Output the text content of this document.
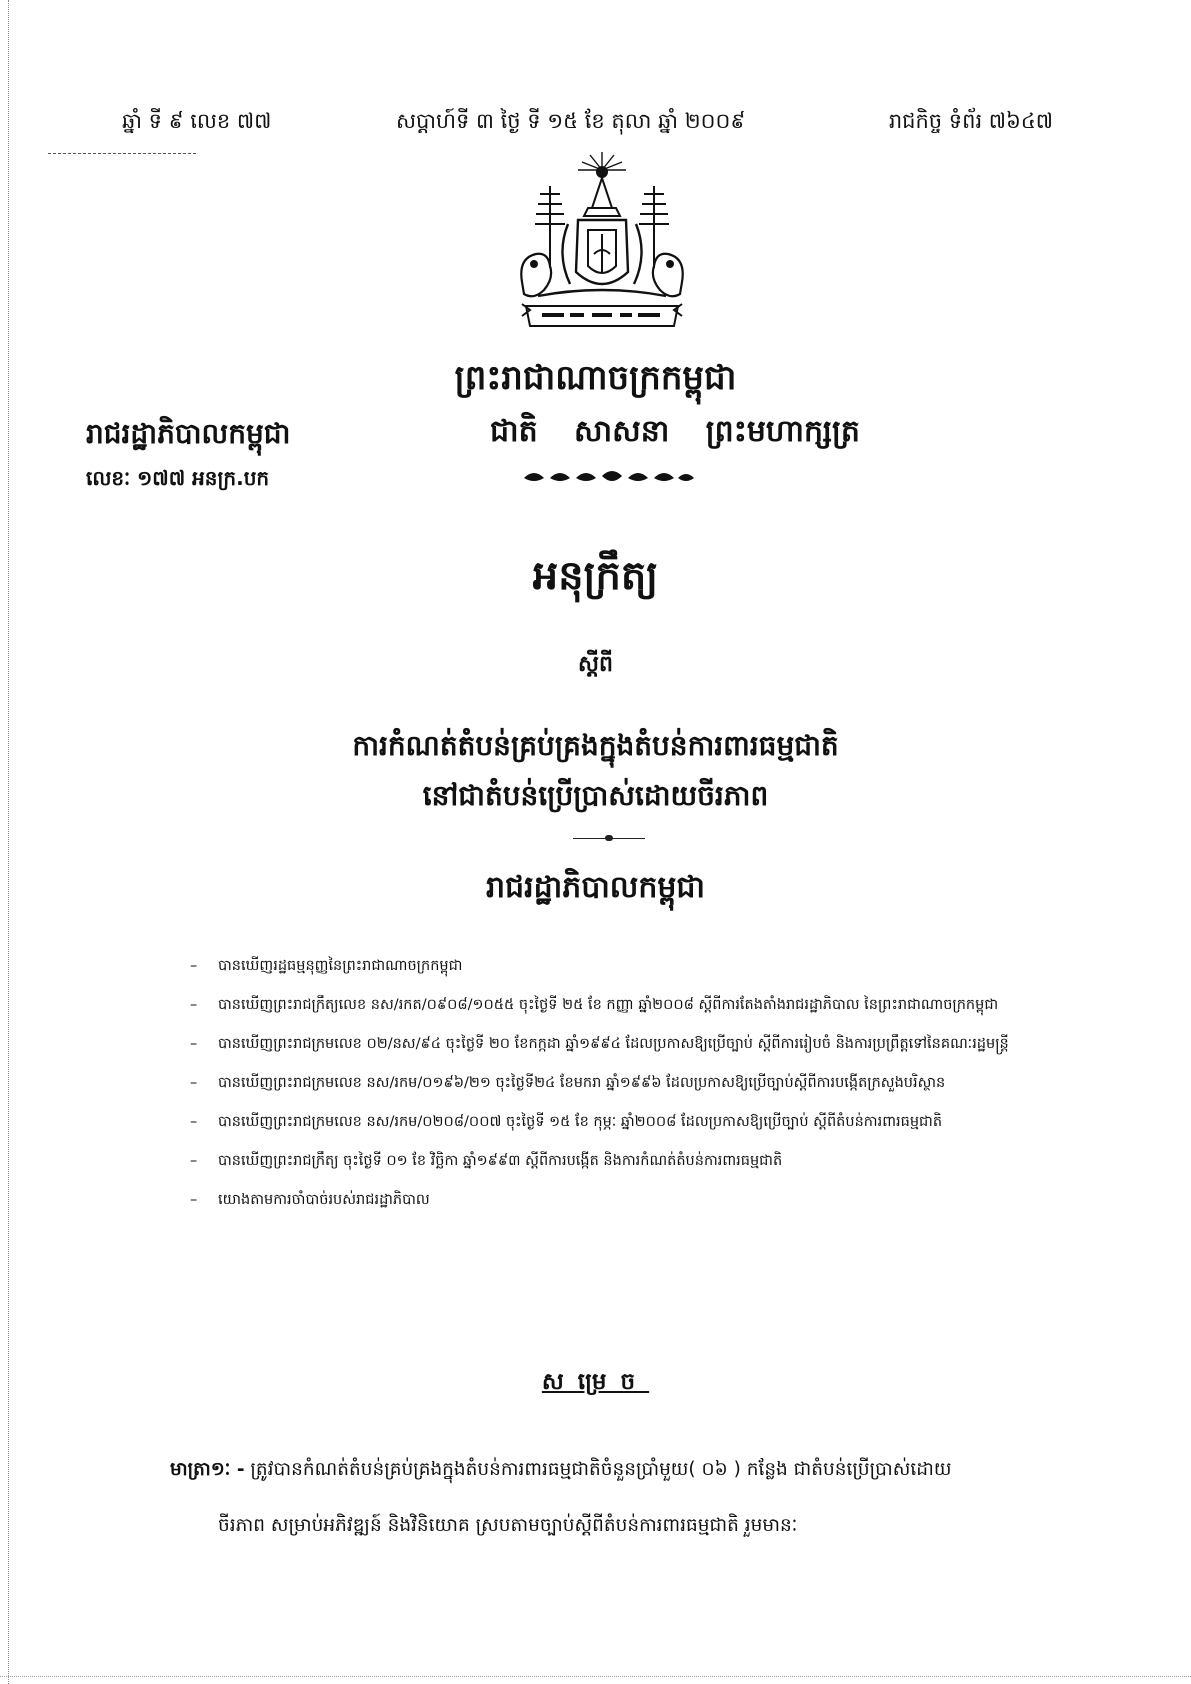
ឆ្នាំ ទី ៩ លេខ ៧៧	សប្តាហ៍ទី ៣ ថ្ងៃ ទី ១៥ ខែ តុលា ឆ្នាំ ២០០៩	រាជកិច្ច ទំព័រ ៧៦៤៧
ព្រះរាជាណាចក្រកម្ពុជា
រាជរដ្ឋាភិបាលកម្ពុជា	ជាតិ សាសនា ព្រះមហាក្សត្រ
លេខៈ ១៧៧ អនក្រ.បក
អនុក្រឹត្យ
ស្តីពី
ការកំណត់តំបន់គ្រប់គ្រងក្នុងតំបន់ការពារធម្មជាតិ
នៅជាតំបន់ប្រើប្រាស់ដោយចីរភាព
រាជរដ្ឋាភិបាលកម្ពុជា
– បានឃើញរដ្ឋធម្មនុញ្ញនៃព្រះរាជាណាចក្រកម្ពុជា
– បានឃើញព្រះរាជក្រឹត្យលេខ នស/រកត/០៩០៨/១០៥៥ ចុះថ្ងៃទី ២៥ ខែ កញ្ញា ឆ្នាំ២០០៨ ស្តីពីការតែងតាំងរាជរដ្ឋាភិបាល នៃព្រះរាជាណាចក្រកម្ពុជា
– បានឃើញព្រះរាជក្រមលេខ ០២/នស/៩៤ ចុះថ្ងៃទី ២០ ខែកក្កដា ឆ្នាំ១៩៩៤ ដែលប្រកាសឱ្យប្រើច្បាប់ ស្តីពីការរៀបចំ និងការប្រព្រឹត្តទៅនៃគណៈរដ្ឋមន្ត្រី
– បានឃើញព្រះរាជក្រមលេខ នស/រកម/០១៩៦/២១ ចុះថ្ងៃទី២៤ ខែមករា ឆ្នាំ១៩៩៦ ដែលប្រកាសឱ្យប្រើច្បាប់ស្តីពីការបង្កើតក្រសួងបរិស្ថាន
– បានឃើញព្រះរាជក្រមលេខ នស/រកម/០២០៨/០០៧ ចុះថ្ងៃទី ១៥ ខែ កុម្ភៈ ឆ្នាំ២០០៨ ដែលប្រកាសឱ្យប្រើច្បាប់ ស្តីពីតំបន់ការពារធម្មជាតិ
– បានឃើញព្រះរាជក្រឹត្យ ចុះថ្ងៃទី ០១ ខែ វិច្ឆិកា ឆ្នាំ១៩៩៣ ស្តីពីការបង្កើត និងការកំណត់តំបន់ការពារធម្មជាតិ
– យោងតាមការចាំបាច់របស់រាជរដ្ឋាភិបាល
សម្រេច
មាត្រា១ៈ - ត្រូវបានកំណត់តំបន់គ្រប់គ្រងក្នុងតំបន់ការពារធម្មជាតិចំនួនប្រាំមួយ( ០៦ ) កន្លែង ជាតំបន់ប្រើប្រាស់ដោយ
ចីរភាព សម្រាប់អភិវឌ្ឍន៍ និងវិនិយោគ ស្របតាមច្បាប់ស្តីពីតំបន់ការពារធម្មជាតិ រួមមានៈ
